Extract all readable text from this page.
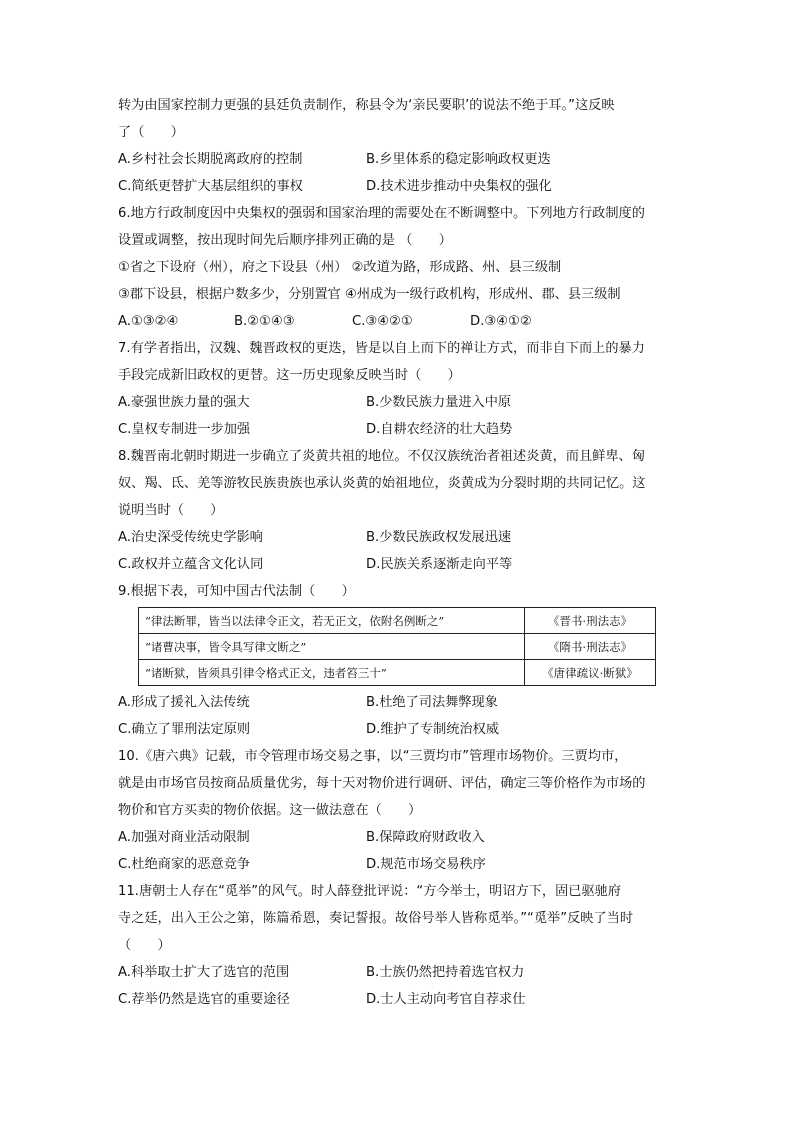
转为由国家控制力更强的县廷负责制作，称县令为‘亲民要职’的说法不绝于耳。”这反映
了（　　）
A.乡村社会长期脱离政府的控制	B.乡里体系的稳定影响政权更迭
C.简纸更替扩大基层组织的事权	D.技术进步推动中央集权的强化
6.地方行政制度因中央集权的强弱和国家治理的需要处在不断调整中。下列地方行政制度的
设置或调整，按出现时间先后顺序排列正确的是 （　　）
①省之下设府（州），府之下设县（州） ②改道为路，形成路、州、县三级制
③郡下设县，根据户数多少，分别置官 ④州成为一级行政机构，形成州、郡、县三级制
A.①③②④	B.②①④③	C.③④②①	D.③④①②
7.有学者指出，汉魏、魏晋政权的更迭，皆是以自上而下的禅让方式，而非自下而上的暴力
手段完成新旧政权的更替。这一历史现象反映当时（　　）
A.豪强世族力量的强大	B.少数民族力量进入中原
C.皇权专制进一步加强	D.自耕农经济的壮大趋势
8.魏晋南北朝时期进一步确立了炎黄共祖的地位。不仅汉族统治者祖述炎黄，而且鲜卑、匈
奴、羯、氐、羌等游牧民族贵族也承认炎黄的始祖地位，炎黄成为分裂时期的共同记忆。这
说明当时（　　）
A.治史深受传统史学影响	B.少数民族政权发展迅速
C.政权并立蕴含文化认同	D.民族关系逐渐走向平等
9.根据下表，可知中国古代法制（　　）
“律法断罪，皆当以法律令正文，若无正文，依附名例断之”	《晋书·刑法志》
“诸曹决事，皆令具写律文断之”	《隋书·刑法志》
“诸断狱，皆须具引律令格式正文，违者笞三十”	《唐律疏议·断狱》
A.形成了援礼入法传统	B.杜绝了司法舞弊现象
C.确立了罪刑法定原则	D.维护了专制统治权威
10.《唐六典》记载，市令管理市场交易之事，以“三贾均市”管理市场物价。三贾均市，
就是由市场官员按商品质量优劣，每十天对物价进行调研、评估，确定三等价格作为市场的
物价和官方买卖的物价依据。这一做法意在（　　）
A.加强对商业活动限制	B.保障政府财政收入
C.杜绝商家的恶意竞争	D.规范市场交易秩序
11.唐朝士人存在“觅举”的风气。时人薛登批评说：“方今举士，明诏方下，固已驱驰府
寺之廷，出入王公之第，陈篇希恩，奏记誓报。故俗号举人皆称觅举。”“觅举”反映了当时
（　　）
A.科举取士扩大了选官的范围	B.士族仍然把持着选官权力
C.荐举仍然是选官的重要途径	D.士人主动向考官自荐求仕
